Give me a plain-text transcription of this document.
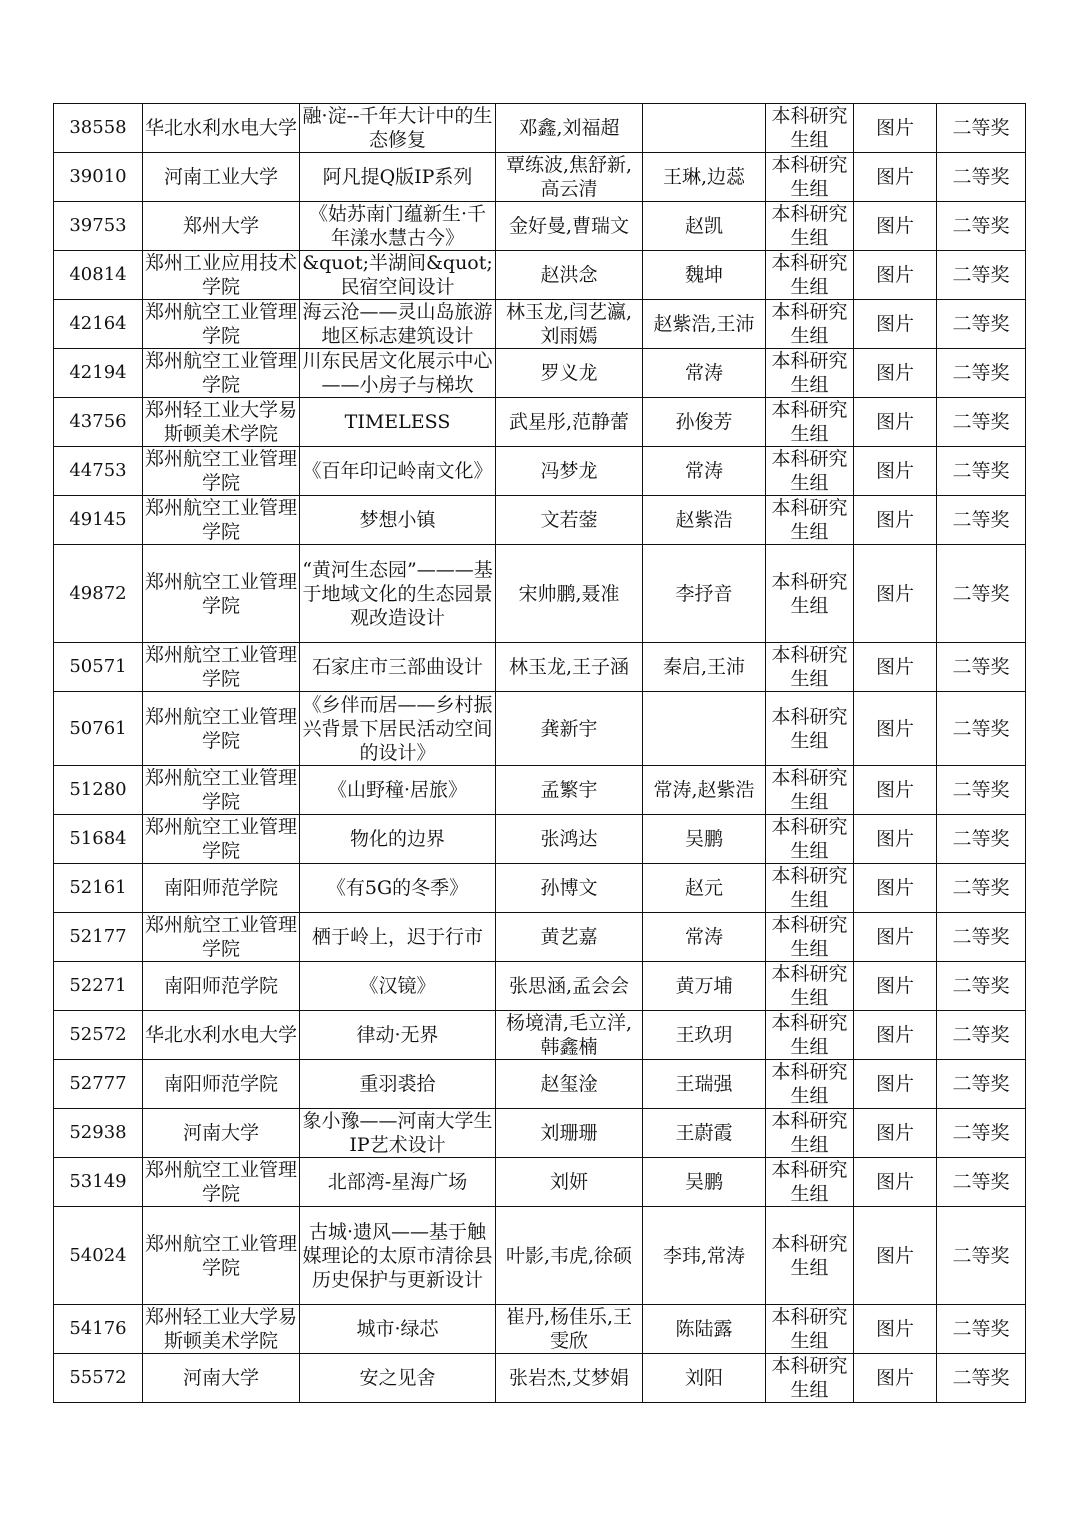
38558	华北水利水电大学	融·淀--千年大计中的生态修复	邓鑫,刘福超		本科研究生组	图片	二等奖
39010	河南工业大学	阿凡提Q版IP系列	覃练波,焦舒新,高云清	王琳,边蕊	本科研究生组	图片	二等奖
39753	郑州大学	《姑苏南门蕴新生·千年漾水慧古今》	金好曼,曹瑞文	赵凯	本科研究生组	图片	二等奖
40814	郑州工业应用技术学院	&quot;半湖间&quot;民宿空间设计	赵洪念	魏坤	本科研究生组	图片	二等奖
42164	郑州航空工业管理学院	海云沧——灵山岛旅游地区标志建筑设计	林玉龙,闫艺瀛,刘雨嫣	赵紫浩,王沛	本科研究生组	图片	二等奖
42194	郑州航空工业管理学院	川东民居文化展示中心——小房子与梯坎	罗义龙	常涛	本科研究生组	图片	二等奖
43756	郑州轻工业大学易斯顿美术学院	TIMELESS	武星彤,范静蕾	孙俊芳	本科研究生组	图片	二等奖
44753	郑州航空工业管理学院	《百年印记岭南文化》	冯梦龙	常涛	本科研究生组	图片	二等奖
49145	郑州航空工业管理学院	梦想小镇	文若蓥	赵紫浩	本科研究生组	图片	二等奖
49872	郑州航空工业管理学院	“黄河生态园”———基于地域文化的生态园景观改造设计	宋帅鹏,聂准	李抒音	本科研究生组	图片	二等奖
50571	郑州航空工业管理学院	石家庄市三部曲设计	林玉龙,王子涵	秦启,王沛	本科研究生组	图片	二等奖
50761	郑州航空工业管理学院	《乡伴而居——乡村振兴背景下居民活动空间的设计》	龚新宇		本科研究生组	图片	二等奖
51280	郑州航空工业管理学院	《山野穜·居旅》	孟繁宇	常涛,赵紫浩	本科研究生组	图片	二等奖
51684	郑州航空工业管理学院	物化的边界	张鸿达	吴鹏	本科研究生组	图片	二等奖
52161	南阳师范学院	《有5G的冬季》	孙博文	赵元	本科研究生组	图片	二等奖
52177	郑州航空工业管理学院	栖于岭上，迟于行市	黄艺嘉	常涛	本科研究生组	图片	二等奖
52271	南阳师范学院	《汉镜》	张思涵,孟会会	黄万埔	本科研究生组	图片	二等奖
52572	华北水利水电大学	律动·无界	杨境清,毛立洋,韩鑫楠	王玖玥	本科研究生组	图片	二等奖
52777	南阳师范学院	重羽裘拾	赵玺淦	王瑞强	本科研究生组	图片	二等奖
52938	河南大学	象小豫——河南大学生IP艺术设计	刘珊珊	王蔚霞	本科研究生组	图片	二等奖
53149	郑州航空工业管理学院	北部湾-星海广场	刘妍	吴鹏	本科研究生组	图片	二等奖
54024	郑州航空工业管理学院	古城·遗风——基于触媒理论的太原市清徐县历史保护与更新设计	叶影,韦虎,徐硕	李玮,常涛	本科研究生组	图片	二等奖
54176	郑州轻工业大学易斯顿美术学院	城市·绿芯	崔丹,杨佳乐,王雯欣	陈陆露	本科研究生组	图片	二等奖
55572	河南大学	安之见舍	张岩杰,艾梦娟	刘阳	本科研究生组	图片	二等奖
